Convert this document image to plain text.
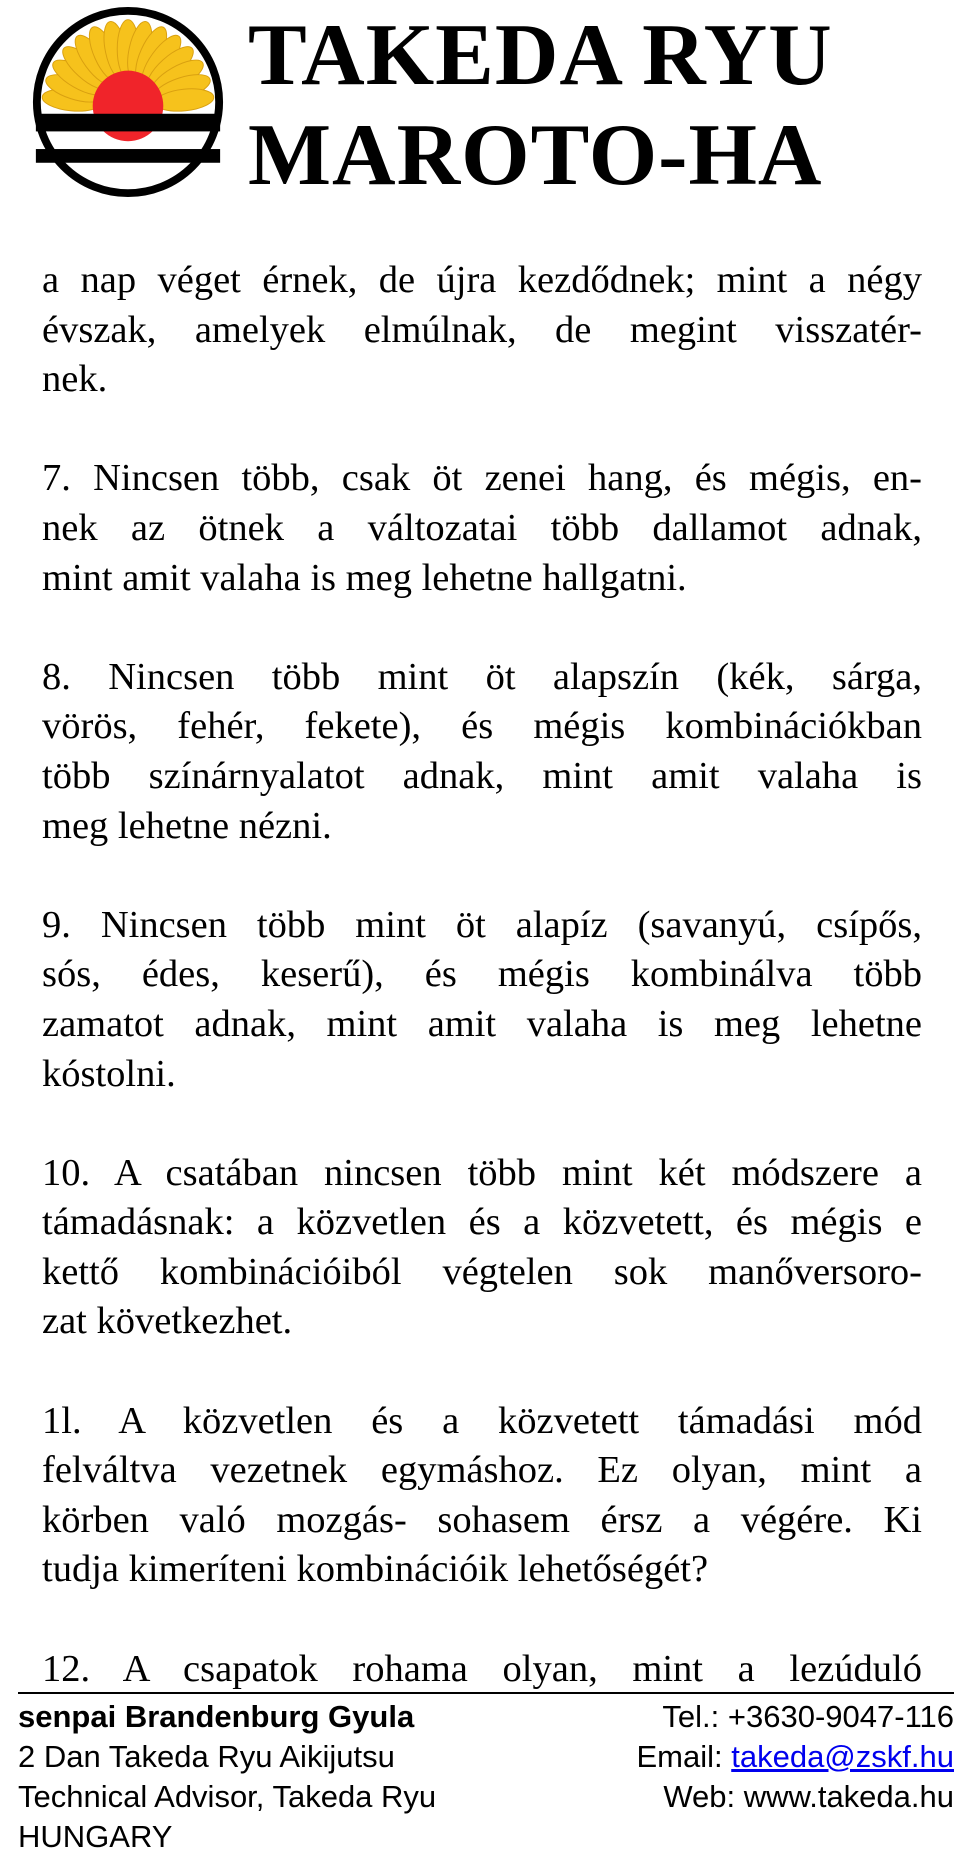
TAKEDA RYU
MAROTO-HA

a nap véget érnek, de újra kezdődnek; mint a négy
évszak, amelyek elmúlnak, de megint visszatér-
nek.

7. Nincsen több, csak öt zenei hang, és mégis, en-
nek az ötnek a változatai több dallamot adnak,
mint amit valaha is meg lehetne hallgatni.

8. Nincsen több mint öt alapszín (kék, sárga,
vörös, fehér, fekete), és mégis kombinációkban
több színárnyalatot adnak, mint amit valaha is
meg lehetne nézni.

9. Nincsen több mint öt alapíz (savanyú, csípős,
sós, édes, keserű), és mégis kombinálva több
zamatot adnak, mint amit valaha is meg lehetne
kóstolni.

10. A csatában nincsen több mint két módszere a
támadásnak: a közvetlen és a közvetett, és mégis e
kettő kombinációiból végtelen sok manőversoro-
zat következhet.

1l. A közvetlen és a közvetett támadási mód
felváltva vezetnek egymáshoz. Ez olyan, mint a
körben való mozgás- sohasem érsz a végére. Ki
tudja kimeríteni kombinációik lehetőségét?

12. A csapatok rohama olyan, mint a lezúduló

senpai Brandenburg Gyula	Tel.: +3630-9047-116
2 Dan Takeda Ryu Aikijutsu	Email: takeda@zskf.hu
Technical Advisor, Takeda Ryu	Web: www.takeda.hu
HUNGARY
